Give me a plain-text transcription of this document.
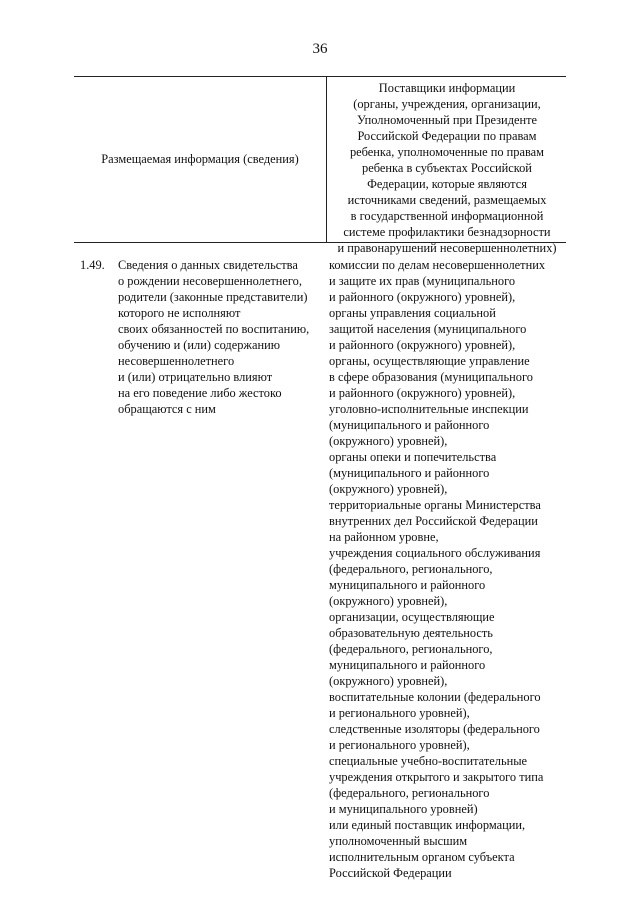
36
Размещаемая информация (сведения)
Поставщики информации
(органы, учреждения, организации,
Уполномоченный при Президенте
Российской Федерации по правам
ребенка, уполномоченные по правам
ребенка в субъектах Российской
Федерации, которые являются
источниками сведений, размещаемых
в государственной информационной
системе профилактики безнадзорности
и правонарушений несовершеннолетних)
1.49. Сведения о данных свидетельства
о рождении несовершеннолетнего,
родители (законные представители)
которого не исполняют
своих обязанностей по воспитанию,
обучению и (или) содержанию
несовершеннолетнего
и (или) отрицательно влияют
на его поведение либо жестоко
обращаются с ним
комиссии по делам несовершеннолетних
и защите их прав (муниципального
и районного (окружного) уровней),
органы управления социальной
защитой населения (муниципального
и районного (окружного) уровней),
органы, осуществляющие управление
в сфере образования (муниципального
и районного (окружного) уровней),
уголовно-исполнительные инспекции
(муниципального и районного
(окружного) уровней),
органы опеки и попечительства
(муниципального и районного
(окружного) уровней),
территориальные органы Министерства
внутренних дел Российской Федерации
на районном уровне,
учреждения социального обслуживания
(федерального, регионального,
муниципального и районного
(окружного) уровней),
организации, осуществляющие
образовательную деятельность
(федерального, регионального,
муниципального и районного
(окружного) уровней),
воспитательные колонии (федерального
и регионального уровней),
следственные изоляторы (федерального
и регионального уровней),
специальные учебно-воспитательные
учреждения открытого и закрытого типа
(федерального, регионального
и муниципального уровней)
или единый поставщик информации,
уполномоченный высшим
исполнительным органом субъекта
Российской Федерации
